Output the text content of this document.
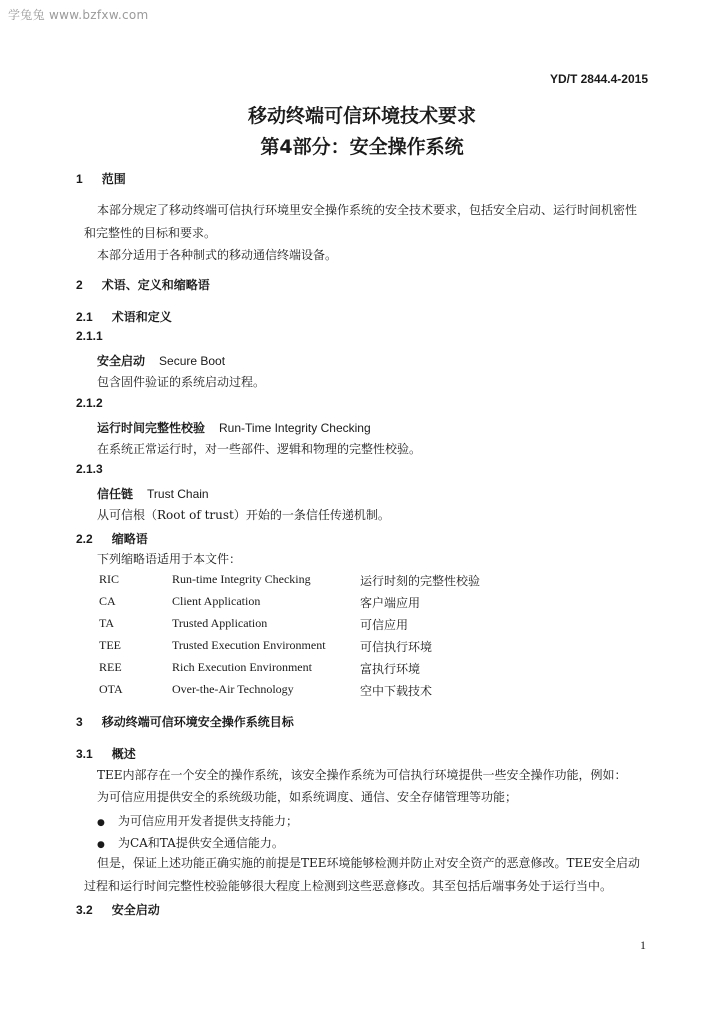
学兔兔 www.bzfxw.com
YD/T 2844.4-2015
移动终端可信环境技术要求
第4部分：安全操作系统
1 范围
本部分规定了移动终端可信执行环境里安全操作系统的安全技术要求，包括安全启动、运行时间机密性
和完整性的目标和要求。
本部分适用于各种制式的移动通信终端设备。
2 术语、定义和缩略语
2.1 术语和定义
2.1.1
安全启动 Secure Boot
包含固件验证的系统启动过程。
2.1.2
运行时间完整性校验 Run-Time Integrity Checking
在系统正常运行时，对一些部件、逻辑和物理的完整性校验。
2.1.3
信任链 Trust Chain
从可信根（Root of trust）开始的一条信任传递机制。
2.2 缩略语
下列缩略语适用于本文件：
RIC	Run-time Integrity Checking	运行时刻的完整性校验
CA	Client Application	客户端应用
TA	Trusted Application	可信应用
TEE	Trusted Execution Environment	可信执行环境
REE	Rich Execution Environment	富执行环境
OTA	Over-the-Air Technology	空中下载技术
3 移动终端可信环境安全操作系统目标
3.1 概述
TEE内部存在一个安全的操作系统，该安全操作系统为可信执行环境提供一些安全操作功能，例如：
为可信应用提供安全的系统级功能，如系统调度、通信、安全存储管理等功能；
● 为可信应用开发者提供支持能力；
● 为CA和TA提供安全通信能力。
但是，保证上述功能正确实施的前提是TEE环境能够检测并防止对安全资产的恶意修改。TEE安全启动
过程和运行时间完整性校验能够很大程度上检测到这些恶意修改。其至包括后端事务处于运行当中。
3.2 安全启动
1
